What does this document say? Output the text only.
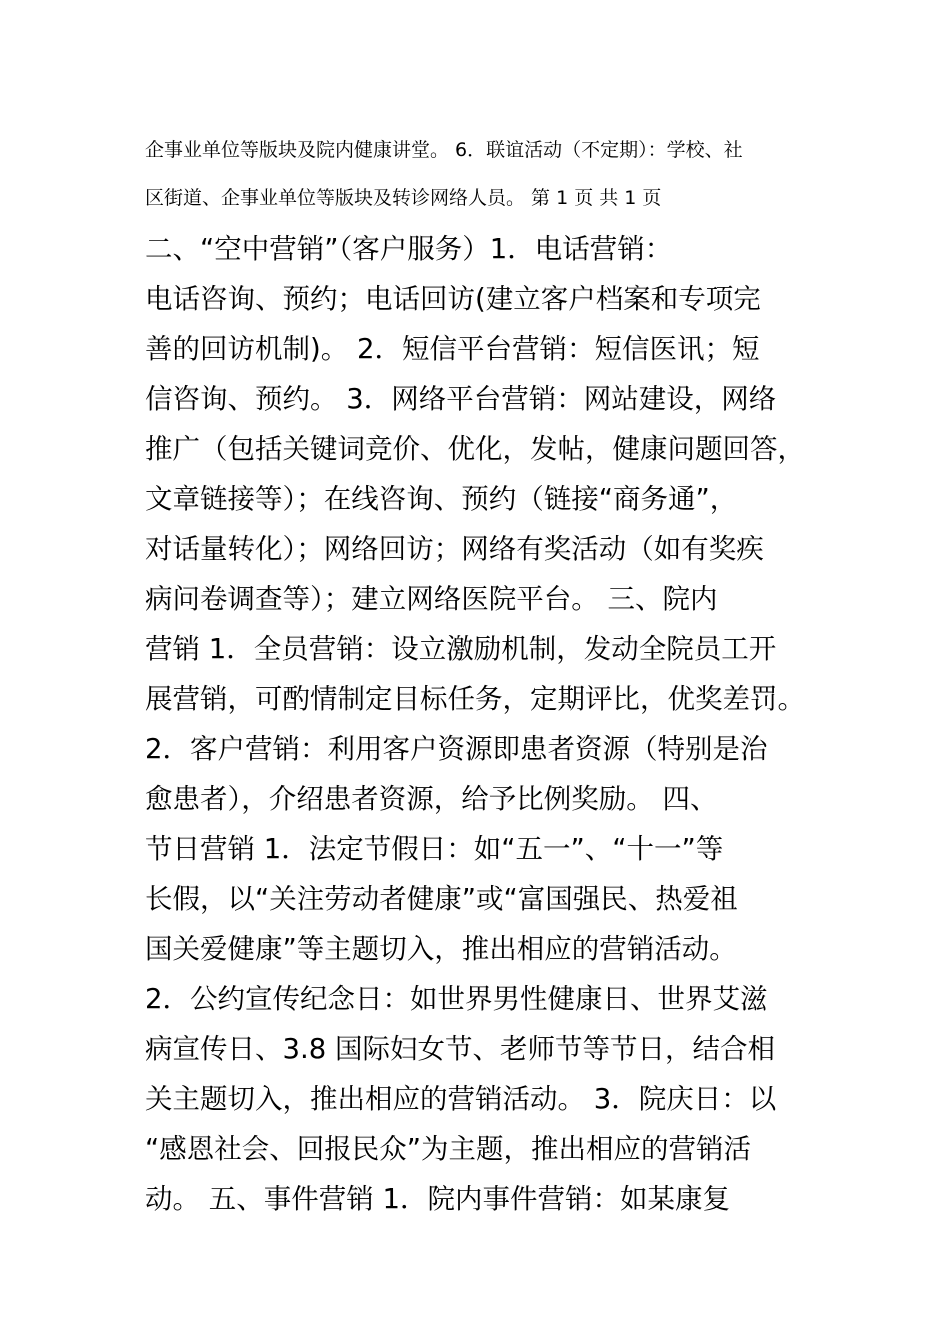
企事业单位等版块及院内健康讲堂。 6．联谊活动（不定期）：学校、社
区街道、企事业单位等版块及转诊网络人员。 第 1 页 共 1 页
二、“空中营销”（客户服务）1．电话营销：
电话咨询、预约；电话回访(建立客户档案和专项完
善的回访机制)。 2．短信平台营销：短信医讯；短
信咨询、预约。 3．网络平台营销：网站建设，网络
推广（包括关键词竞价、优化，发帖，健康问题回答，
文章链接等）；在线咨询、预约（链接“商务通”，
对话量转化）；网络回访；网络有奖活动（如有奖疾
病问卷调查等）；建立网络医院平台。 三、院内
营销 1．全员营销：设立激励机制，发动全院员工开
展营销，可酌情制定目标任务，定期评比，优奖差罚。
2．客户营销：利用客户资源即患者资源（特别是治
愈患者），介绍患者资源，给予比例奖励。 四、
节日营销 1．法定节假日：如“五一”、“十一”等
长假，以“关注劳动者健康”或“富国强民、热爱祖
国关爱健康”等主题切入，推出相应的营销活动。
2．公约宣传纪念日：如世界男性健康日、世界艾滋
病宣传日、3.8 国际妇女节、老师节等节日，结合相
关主题切入，推出相应的营销活动。 3．院庆日：以
“感恩社会、回报民众”为主题，推出相应的营销活
动。 五、事件营销 1．院内事件营销：如某康复
